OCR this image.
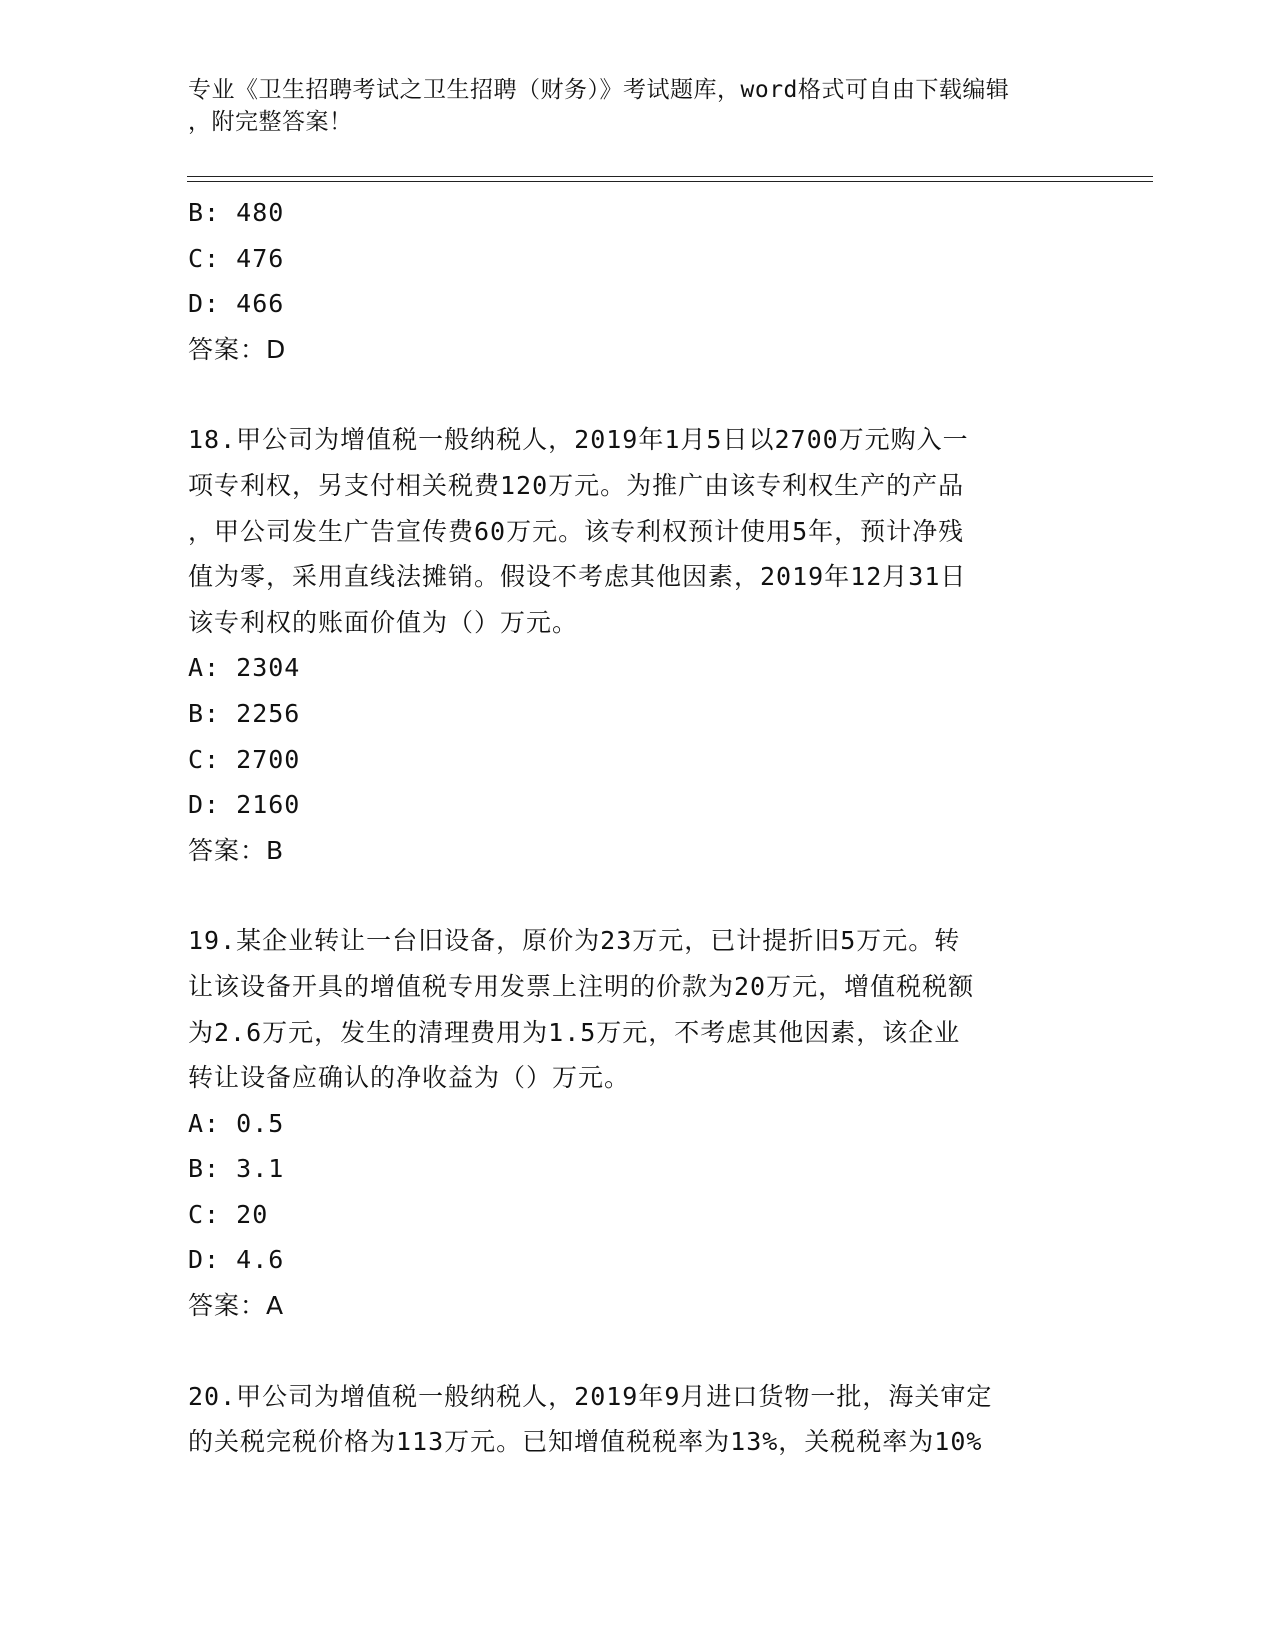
专业《卫生招聘考试之卫生招聘（财务）》考试题库，word格式可自由下载编辑
，附完整答案！
B: 480
C: 476
D: 466
答案：D
18.甲公司为增值税一般纳税人，2019年1月5日以2700万元购入一
项专利权，另支付相关税费120万元。为推广由该专利权生产的产品
，甲公司发生广告宣传费60万元。该专利权预计使用5年，预计净残
值为零，采用直线法摊销。假设不考虑其他因素，2019年12月31日
该专利权的账面价值为（）万元。
A: 2304
B: 2256
C: 2700
D: 2160
答案：B
19.某企业转让一台旧设备，原价为23万元，已计提折旧5万元。转
让该设备开具的增值税专用发票上注明的价款为20万元，增值税税额
为2.6万元，发生的清理费用为1.5万元，不考虑其他因素，该企业
转让设备应确认的净收益为（）万元。
A: 0.5
B: 3.1
C: 20
D: 4.6
答案：A
20.甲公司为增值税一般纳税人，2019年9月进口货物一批，海关审定
的关税完税价格为113万元。已知增值税税率为13%，关税税率为10%
